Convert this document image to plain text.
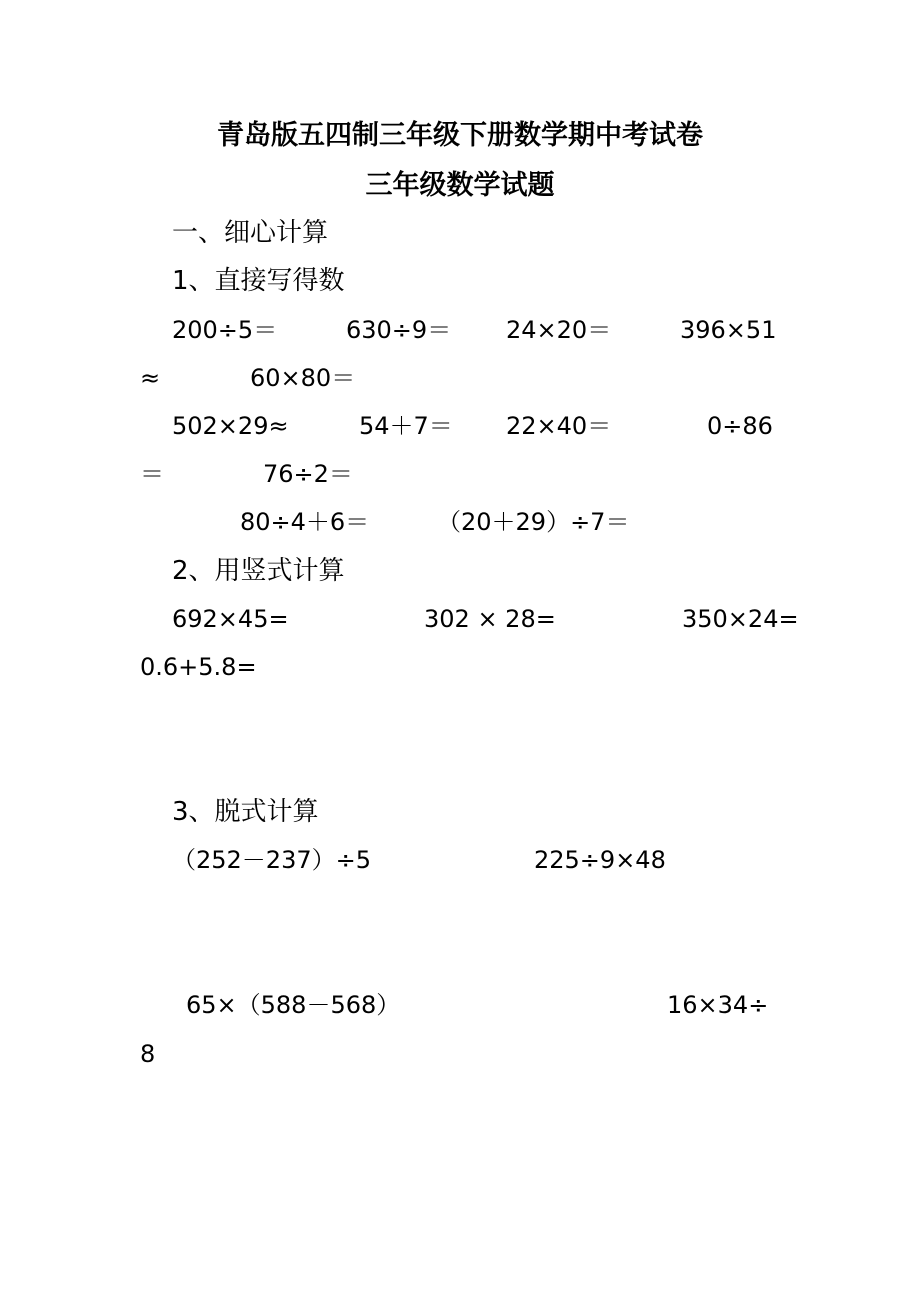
青岛版五四制三年级下册数学期中考试卷
三年级数学试题
一、细心计算
1、直接写得数
200÷5＝	630÷9＝ 24×20＝	396×51
≈	60×80＝
502×29≈	54＋7＝ 22×40＝	0÷86
＝	76÷2＝
80÷4＋6＝	（20＋29）÷7＝
2、用竖式计算
692×45=	302 × 28=	350×24=
0.6+5.8=
3、脱式计算
（252－237）÷5	225÷9×48
65×（588－568）	16×34÷
8
